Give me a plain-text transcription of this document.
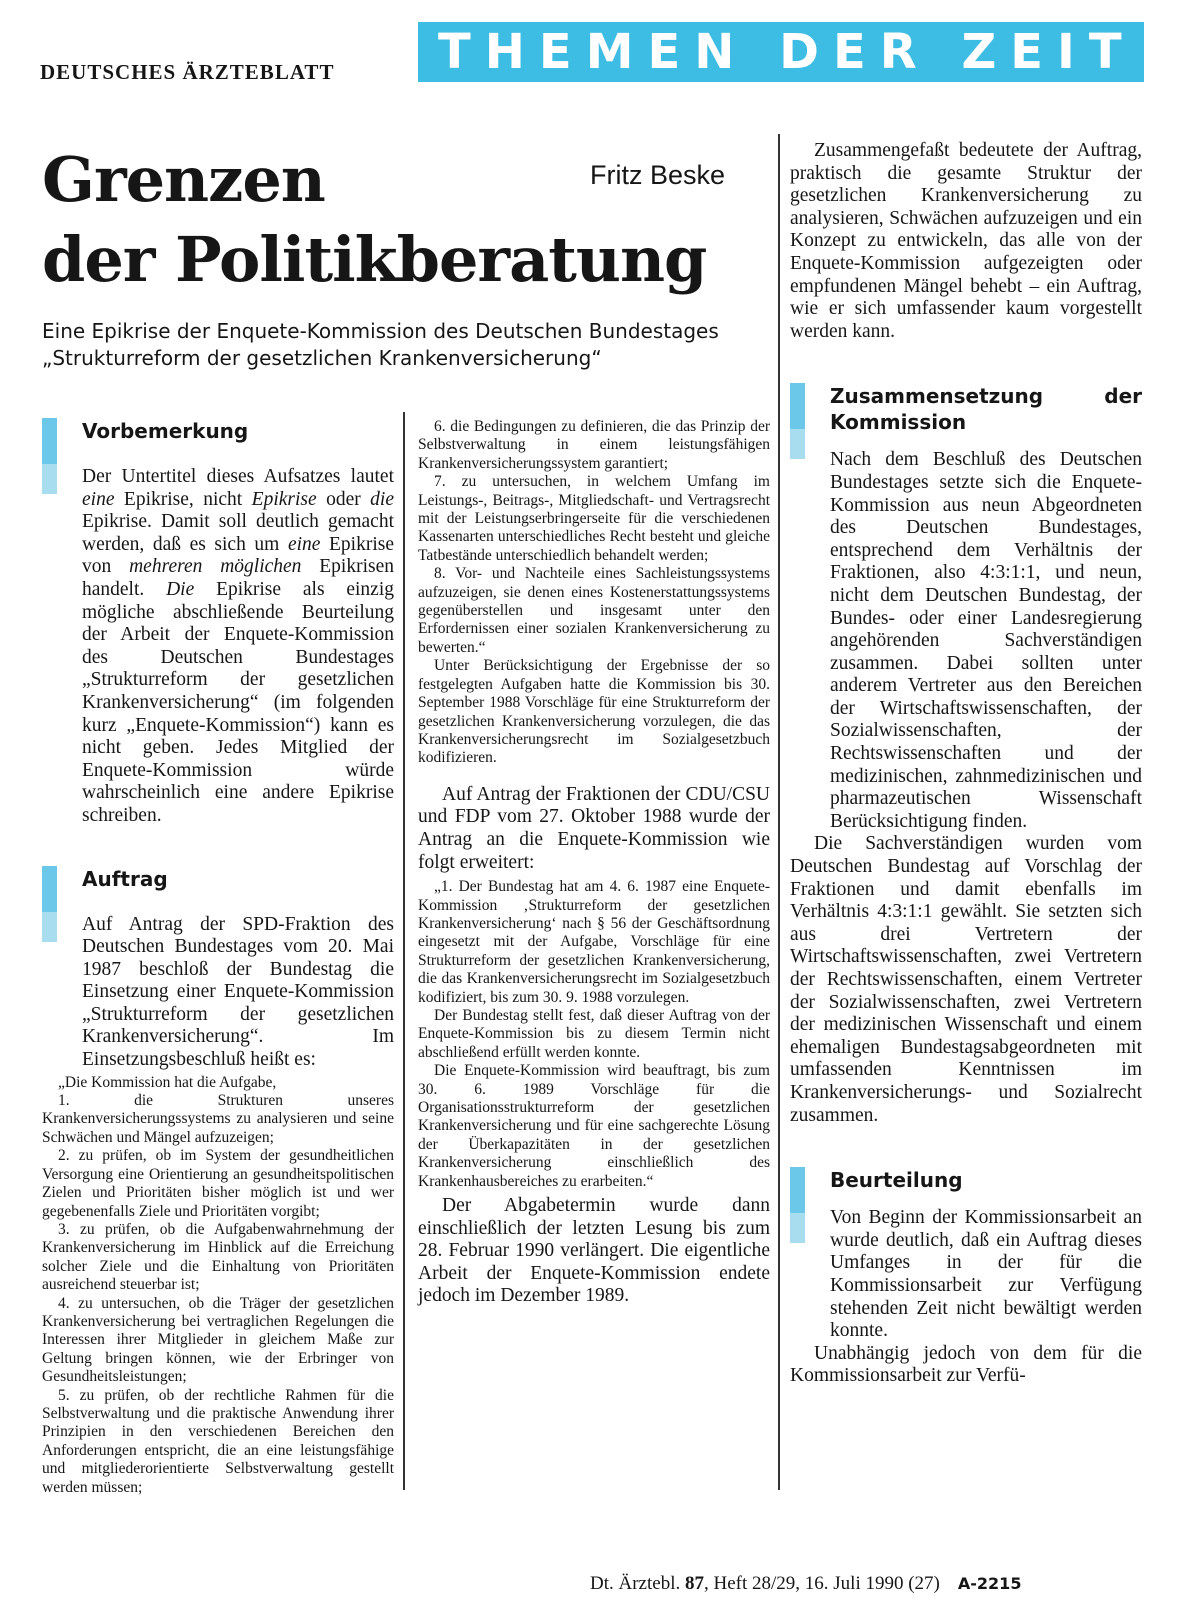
DEUTSCHES ÄRZTEBLATT	THEMEN DER ZEIT
Grenzen
der Politikberatung
Fritz Beske
Eine Epikrise der Enquete-Kommission des Deutschen Bundestages „Strukturreform der gesetzlichen Krankenversicherung“
Vorbemerkung

Der Untertitel dieses Aufsatzes lautet eine Epikrise, nicht Epikrise oder die Epikrise. Damit soll deutlich gemacht werden, daß es sich um eine Epikrise von mehreren möglichen Epikrisen handelt. Die Epikrise als einzig mögliche abschließende Beurteilung der Arbeit der Enquete-Kommission des Deutschen Bundestages „Strukturreform der gesetzlichen Krankenversicherung“ (im folgenden kurz „Enquete-Kommission“) kann es nicht geben. Jedes Mitglied der Enquete-Kommission würde wahrscheinlich eine andere Epikrise schreiben.

Auftrag

Auf Antrag der SPD-Fraktion des Deutschen Bundestages vom 20. Mai 1987 beschloß der Bundestag die Einsetzung einer Enquete-Kommission „Strukturreform der gesetzlichen Krankenversicherung“. Im Einsetzungsbeschluß heißt es:

„Die Kommission hat die Aufgabe,

1. die Strukturen unseres Krankenversicherungssystems zu analysieren und seine Schwächen und Mängel aufzuzeigen;

2. zu prüfen, ob im System der gesundheitlichen Versorgung eine Orientierung an gesundheitspolitischen Zielen und Prioritäten bisher möglich ist und wer gegebenenfalls Ziele und Prioritäten vorgibt;

3. zu prüfen, ob die Aufgabenwahrnehmung der Krankenversicherung im Hinblick auf die Erreichung solcher Ziele und die Einhaltung von Prioritäten ausreichend steuerbar ist;

4. zu untersuchen, ob die Träger der gesetzlichen Krankenversicherung bei vertraglichen Regelungen die Interessen ihrer Mitglieder in gleichem Maße zur Geltung bringen können, wie der Erbringer von Gesundheitsleistungen;

5. zu prüfen, ob der rechtliche Rahmen für die Selbstverwaltung und die praktische Anwendung ihrer Prinzipien in den verschiedenen Bereichen den Anforderungen entspricht, die an eine leistungsfähige und mitgliederorientierte Selbstverwaltung gestellt werden müssen;

6. die Bedingungen zu definieren, die das Prinzip der Selbstverwaltung in einem leistungsfähigen Krankenversicherungssystem garantiert;

7. zu untersuchen, in welchem Umfang im Leistungs-, Beitrags-, Mitgliedschaft- und Vertragsrecht mit der Leistungserbringerseite für die verschiedenen Kassenarten unterschiedliches Recht besteht und gleiche Tatbestände unterschiedlich behandelt werden;

8. Vor- und Nachteile eines Sachleistungssystems aufzuzeigen, sie denen eines Kostenerstattungssystems gegenüberstellen und insgesamt unter den Erfordernissen einer sozialen Krankenversicherung zu bewerten.“

Unter Berücksichtigung der Ergebnisse der so festgelegten Aufgaben hatte die Kommission bis 30. September 1988 Vorschläge für eine Strukturreform der gesetzlichen Krankenversicherung vorzulegen, die das Krankenversicherungsrecht im Sozialgesetzbuch kodifizieren.

Auf Antrag der Fraktionen der CDU/CSU und FDP vom 27. Oktober 1988 wurde der Antrag an die Enquete-Kommission wie folgt erweitert:

„1. Der Bundestag hat am 4. 6. 1987 eine Enquete-Kommission ‚Strukturreform der gesetzlichen Krankenversicherung‘ nach § 56 der Geschäftsordnung eingesetzt mit der Aufgabe, Vorschläge für eine Strukturreform der gesetzlichen Krankenversicherung, die das Krankenversicherungsrecht im Sozialgesetzbuch kodifiziert, bis zum 30. 9. 1988 vorzulegen.

Der Bundestag stellt fest, daß dieser Auftrag von der Enquete-Kommission bis zu diesem Termin nicht abschließend erfüllt werden konnte.

Die Enquete-Kommission wird beauftragt, bis zum 30. 6. 1989 Vorschläge für die Organisationsstrukturreform der gesetzlichen Krankenversicherung und für eine sachgerechte Lösung der Überkapazitäten in der gesetzlichen Krankenversicherung einschließlich des Krankenhausbereiches zu erarbeiten.“

Der Abgabetermin wurde dann einschließlich der letzten Lesung bis zum 28. Februar 1990 verlängert. Die eigentliche Arbeit der Enquete-Kommission endete jedoch im Dezember 1989.

Zusammengefaßt bedeutete der Auftrag, praktisch die gesamte Struktur der gesetzlichen Krankenversicherung zu analysieren, Schwächen aufzuzeigen und ein Konzept zu entwickeln, das alle von der Enquete-Kommission aufgezeigten oder empfundenen Mängel behebt – ein Auftrag, wie er sich umfassender kaum vorgestellt werden kann.

Zusammensetzung der Kommission

Nach dem Beschluß des Deutschen Bundestages setzte sich die Enquete-Kommission aus neun Abgeordneten des Deutschen Bundestages, entsprechend dem Verhältnis der Fraktionen, also 4:3:1:1, und neun, nicht dem Deutschen Bundestag, der Bundes- oder einer Landesregierung angehörenden Sachverständigen zusammen. Dabei sollten unter anderem Vertreter aus den Bereichen der Wirtschaftswissenschaften, der Sozialwissenschaften, der Rechtswissenschaften und der medizinischen, zahnmedizinischen und pharmazeutischen Wissenschaft Berücksichtigung finden.

Die Sachverständigen wurden vom Deutschen Bundestag auf Vorschlag der Fraktionen und damit ebenfalls im Verhältnis 4:3:1:1 gewählt. Sie setzten sich aus drei Vertretern der Wirtschaftswissenschaften, zwei Vertretern der Rechtswissenschaften, einem Vertreter der Sozialwissenschaften, zwei Vertretern der medizinischen Wissenschaft und einem ehemaligen Bundestagsabgeordneten mit umfassenden Kenntnissen im Krankenversicherungs- und Sozialrecht zusammen.

Beurteilung

Von Beginn der Kommissionsarbeit an wurde deutlich, daß ein Auftrag dieses Umfanges in der für die Kommissionsarbeit zur Verfügung stehenden Zeit nicht bewältigt werden konnte.

Unabhängig jedoch von dem für die Kommissionsarbeit zur Verfü-

Dt. Ärztebl. 87, Heft 28/29, 16. Juli 1990 (27) A-2215
